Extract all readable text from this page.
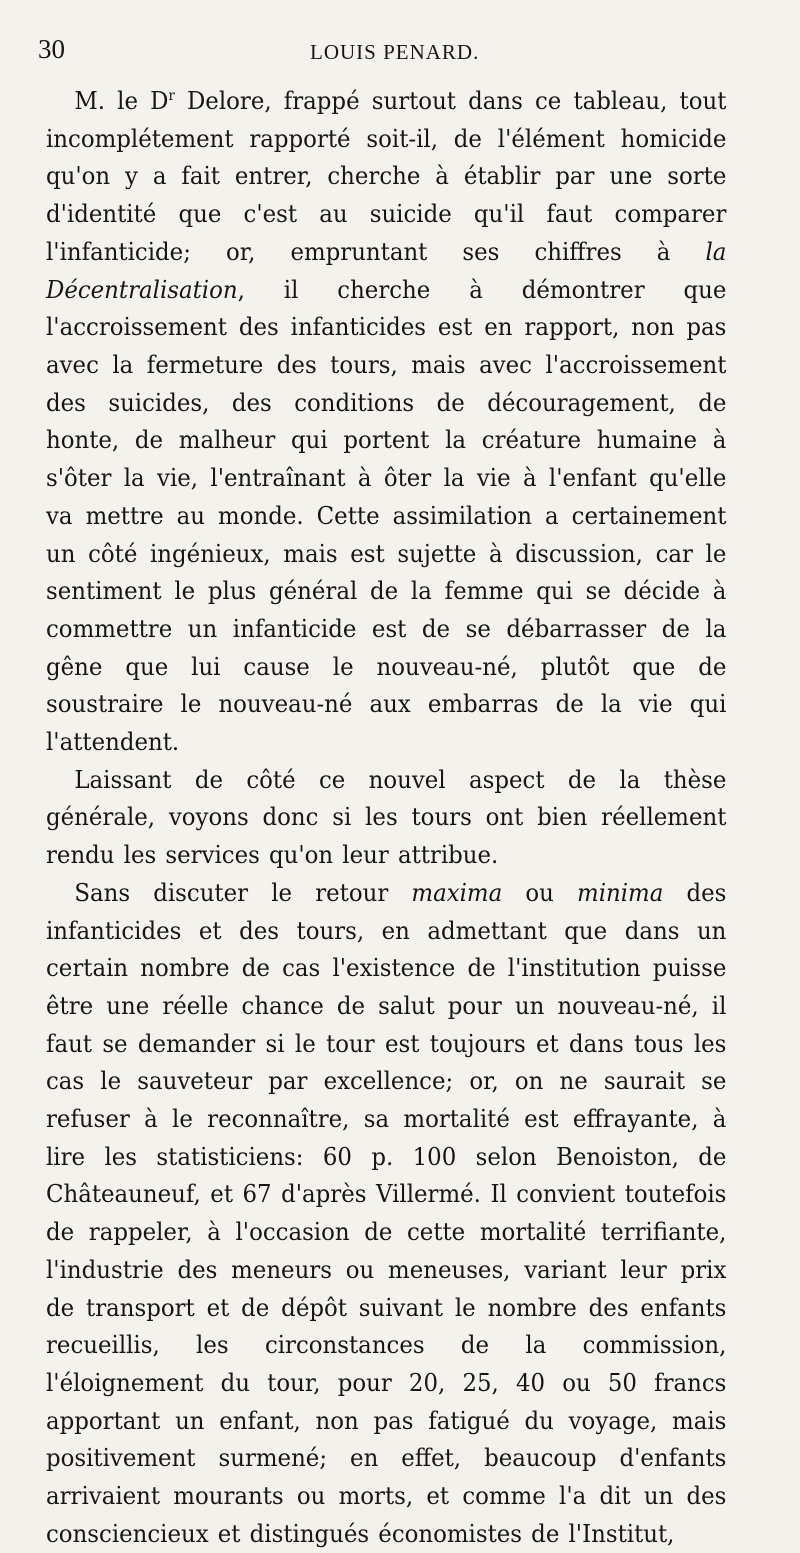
30	LOUIS PENARD.

M. le $D^r$ Delore, frappé surtout dans ce tableau, tout incomplétement rapporté soit-il, de l'élément homicide qu'on y a fait entrer, cherche à établir par une sorte d'identité que c'est au suicide qu'il faut comparer l'infanticide; or, empruntant ses chiffres à la Décentralisation, il cherche à démontrer que l'accroissement des infanticides est en rapport, non pas avec la fermeture des tours, mais avec l'accroissement des suicides, des conditions de découragement, de honte, de malheur qui portent la créature humaine à s'ôter la vie, l'entraînant à ôter la vie à l'enfant qu'elle va mettre au monde. Cette assimilation a certainement un côté ingénieux, mais est sujette à discussion, car le sentiment le plus général de la femme qui se décide à commettre un infanticide est de se débarrasser de la gêne que lui cause le nouveau-né, plutôt que de soustraire le nouveau-né aux embarras de la vie qui l'attendent.

Laissant de côté ce nouvel aspect de la thèse générale, voyons donc si les tours ont bien réellement rendu les services qu'on leur attribue.

Sans discuter le retour maxima ou minima des infanticides et des tours, en admettant que dans un certain nombre de cas l'existence de l'institution puisse être une réelle chance de salut pour un nouveau-né, il faut se demander si le tour est toujours et dans tous les cas le sauveteur par excellence; or, on ne saurait se refuser à le reconnaître, sa mortalité est effrayante, à lire les statisticiens: 60 p. 100 selon Benoiston, de Châteauneuf, et 67 d'après Villermé. Il convient toutefois de rappeler, à l'occasion de cette mortalité terrifiante, l'industrie des meneurs ou meneuses, variant leur prix de transport et de dépôt suivant le nombre des enfants recueillis, les circonstances de la commission, l'éloignement du tour, pour 20, 25, 40 ou 50 francs apportant un enfant, non pas fatigué du voyage, mais positivement surmené; en effet, beaucoup d'enfants arrivaient mourants ou morts, et comme l'a dit un des consciencieux et distingués économistes de l'Institut,
